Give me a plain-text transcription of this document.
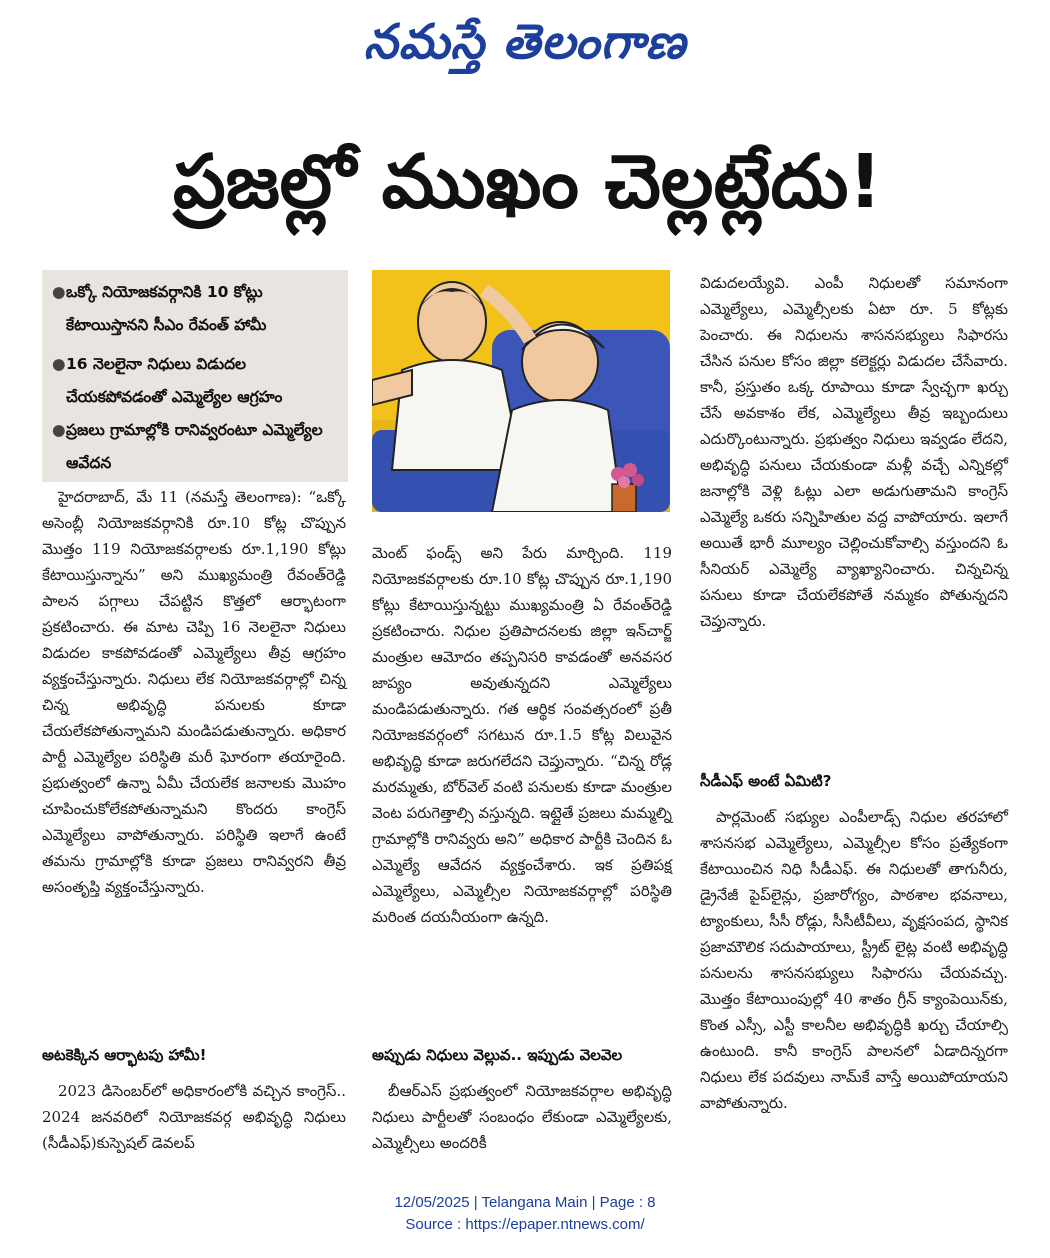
నమస్తే తెలంగాణ
ప్రజల్లో ముఖం చెల్లట్లేదు!
● ఒక్కో నియోజకవర్గానికి 10 కోట్లు కేటాయిస్తానని సీఎం రేవంత్ హామీ
● 16 నెలలైనా నిధులు విడుదల చేయకపోవడంతో ఎమ్మెల్యేల ఆగ్రహం
● ప్రజలు గ్రామాల్లోకి రానివ్వరంటూ ఎమ్మెల్యేల ఆవేదన

హైదరాబాద్, మే 11 (నమస్తే తెలంగాణ): “ఒక్కో అసెంబ్లీ నియోజకవర్గానికి రూ.10 కోట్ల చొప్పున మొత్తం 119 నియోజకవర్గాలకు రూ.1,190 కోట్లు కేటాయిస్తున్నాను” అని ముఖ్యమంత్రి రేవంత్‌రెడ్డి పాలన పగ్గాలు చేపట్టిన కొత్తలో ఆర్భాటంగా ప్రకటించారు. ఈ మాట చెప్పి 16 నెలలైనా నిధులు విడుదల కాకపోవడంతో ఎమ్మెల్యేలు తీవ్ర ఆగ్రహం వ్యక్తంచేస్తున్నారు. నిధులు లేక నియోజకవర్గాల్లో చిన్న చిన్న అభివృద్ధి పనులకు కూడా చేయలేకపోతున్నామని మండిపడుతున్నారు. అధికార పార్టీ ఎమ్మెల్యేల పరిస్థితి మరీ ఘోరంగా తయారైంది. ప్రభుత్వంలో ఉన్నా ఏమీ చేయలేక జనాలకు మొహం చూపించుకోలేకపోతున్నామని కొందరు కాంగ్రెస్ ఎమ్మెల్యేలు వాపోతున్నారు. పరిస్థితి ఇలాగే ఉంటే తమను గ్రామాల్లోకి కూడా ప్రజలు రానివ్వరని తీవ్ర అసంతృప్తి వ్యక్తంచేస్తున్నారు.

అటకెక్కిన ఆర్భాటపు హామీ!

2023 డిసెంబర్‌లో అధికారంలోకి వచ్చిన కాంగ్రెస్.. 2024 జనవరిలో నియోజకవర్గ అభివృద్ధి నిధులు (సీడీఎఫ్)కుస్పెషల్ డెవలప్

మెంట్ ఫండ్స్ అని పేరు మార్చింది. 119 నియోజకవర్గాలకు రూ.10 కోట్ల చొప్పున రూ.1,190 కోట్లు కేటాయిస్తున్నట్టు ముఖ్యమంత్రి ఏ రేవంత్‌రెడ్డి ప్రకటించారు. నిధుల ప్రతిపాదనలకు జిల్లా ఇన్‌చార్జ్ మంత్రుల ఆమోదం తప్పనిసరి కావడంతో అనవసర జాప్యం అవుతున్నదని ఎమ్మెల్యేలు మండిపడుతున్నారు. గత ఆర్థిక సంవత్సరంలో ప్రతీ నియోజకవర్గంలో సగటున రూ.1.5 కోట్ల విలువైన అభివృద్ధి కూడా జరుగలేదని చెప్తున్నారు. “చిన్న రోడ్ల మరమ్మతు, బోర్‌వెల్ వంటి పనులకు కూడా మంత్రుల వెంట పరుగెత్తాల్సి వస్తున్నది. ఇట్లైతే ప్రజలు మమ్మల్ని గ్రామాల్లోకి రానివ్వరు అని” అధికార పార్టీకి చెందిన ఓ ఎమ్మెల్యే ఆవేదన వ్యక్తంచేశారు. ఇక ప్రతిపక్ష ఎమ్మెల్యేలు, ఎమ్మెల్సీల నియోజకవర్గాల్లో పరిస్థితి మరింత దయనీయంగా ఉన్నది.

అప్పుడు నిధులు వెల్లువ.. ఇప్పుడు వెలవెల

బీఆర్ఎస్ ప్రభుత్వంలో నియోజకవర్గాల అభివృద్ధి నిధులు పార్టీలతో సంబంధం లేకుండా ఎమ్మెల్యేలకు, ఎమ్మెల్సీలు అందరికీ

విడుదలయ్యేవి. ఎంపీ నిధులతో సమానంగా ఎమ్మెల్యేలు, ఎమ్మెల్సీలకు ఏటా రూ. 5 కోట్లకు పెంచారు. ఈ నిధులను శాసనసభ్యులు సిఫారసు చేసిన పనుల కోసం జిల్లా కలెక్టర్లు విడుదల చేసేవారు. కానీ, ప్రస్తుతం ఒక్క రూపాయి కూడా స్వేచ్ఛగా ఖర్చు చేసే అవకాశం లేక, ఎమ్మెల్యేలు తీవ్ర ఇబ్బందులు ఎదుర్కొంటున్నారు. ప్రభుత్వం నిధులు ఇవ్వడం లేదని, అభివృద్ధి పనులు చేయకుండా మళ్లీ వచ్చే ఎన్నికల్లో జనాల్లోకి వెళ్లి ఓట్లు ఎలా అడుగుతామని కాంగ్రెస్ ఎమ్మెల్యే ఒకరు సన్నిహితుల వద్ద వాపోయారు. ఇలాగే అయితే భారీ మూల్యం చెల్లించుకోవాల్సి వస్తుందని ఓ సీనియర్ ఎమ్మెల్యే వ్యాఖ్యానించారు. చిన్నచిన్న పనులు కూడా చేయలేకపోతే నమ్మకం పోతున్నదని చెప్తున్నారు.

సీడీఎఫ్ అంటే ఏమిటి?

పార్లమెంట్ సభ్యుల ఎంపీలాడ్స్ నిధుల తరహాలో శాసనసభ ఎమ్మెల్యేలు, ఎమ్మెల్సీల కోసం ప్రత్యేకంగా కేటాయించిన నిధి సీడీఎఫ్. ఈ నిధులతో తాగునీరు, డ్రైనేజీ పైప్‌లైన్లు, ప్రజారోగ్యం, పాఠశాల భవనాలు, ట్యాంకులు, సీసీ రోడ్లు, సీసీటీవీలు, వృక్షసంపద, స్థానిక ప్రజామౌలిక సదుపాయాలు, స్ట్రీట్ లైట్ల వంటి అభివృద్ధి పనులను శాసనసభ్యులు సిఫారసు చేయవచ్చు. మొత్తం కేటాయింపుల్లో 40 శాతం గ్రీన్ క్యాంపెయిన్‌కు, కొంత ఎస్సీ, ఎస్టీ కాలనీల అభివృద్ధికి ఖర్చు చేయాల్సి ఉంటుంది. కానీ కాంగ్రెస్ పాలనలో ఏడాదిన్నరగా నిధులు లేక పదవులు నామ్‌కే వాస్తే అయిపోయాయని వాపోతున్నారు.

12/05/2025 | Telangana Main | Page : 8
Source : https://epaper.ntnews.com/
